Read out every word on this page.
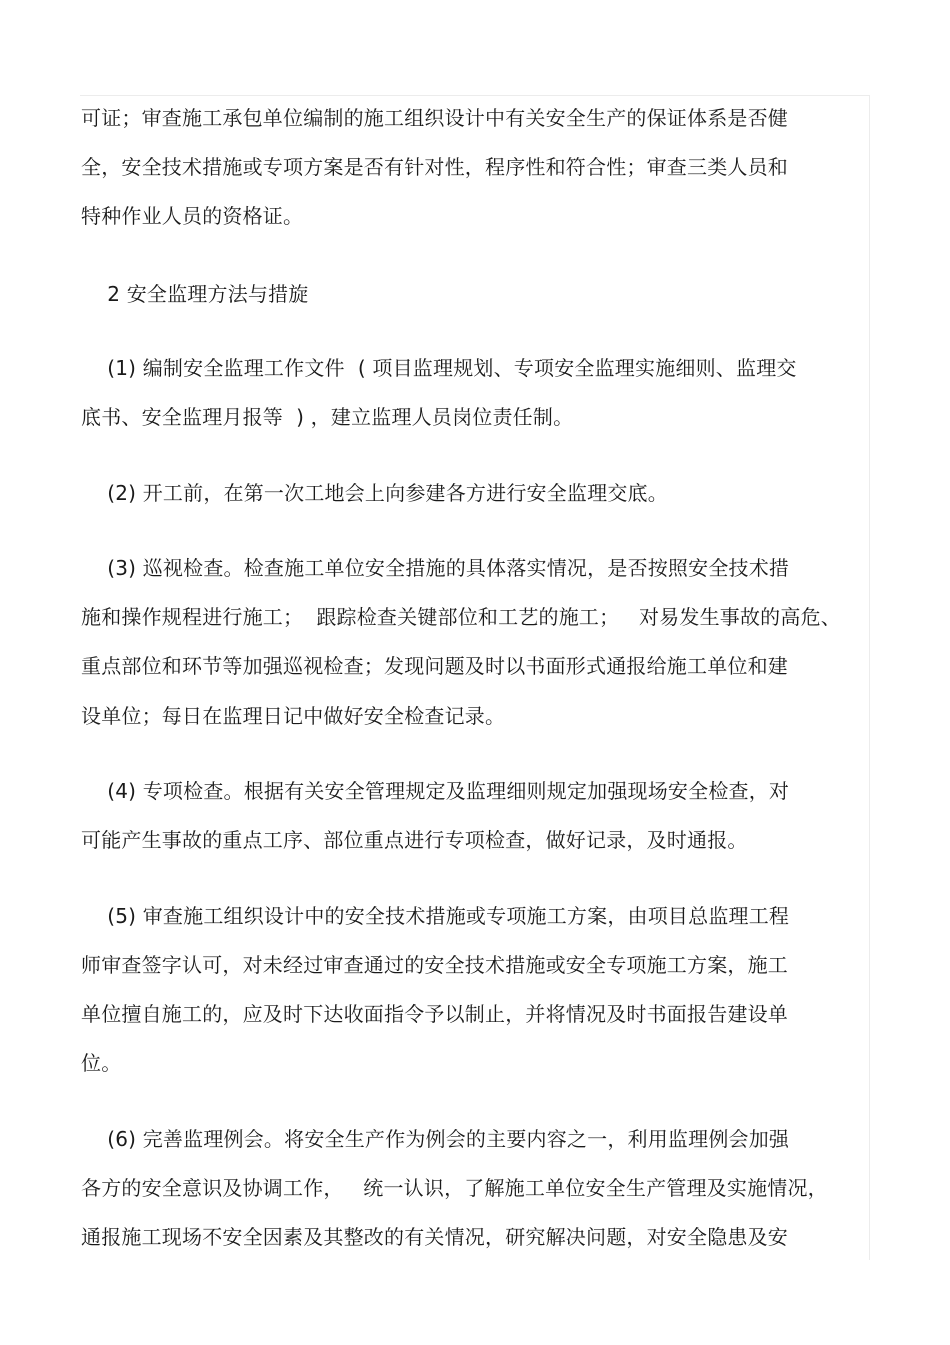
可证；审查施工承包单位编制的施工组织设计中有关安全生产的保证体系是否健
全，安全技术措施或专项方案是否有针对性，程序性和符合性；审查三类人员和
特种作业人员的资格证。
2 安全监理方法与措旋
(1) 编制安全监理工作文件  ( 项目监理规划、专项安全监理实施细则、监理交
底书、安全监理月报等  ) ，建立监理人员岗位责任制。
(2) 开工前，在第一次工地会上向参建各方进行安全监理交底。
(3) 巡视检查。检查施工单位安全措施的具体落实情况，是否按照安全技术措
施和操作规程进行施工；  跟踪检查关键部位和工艺的施工；   对易发生事故的高危、
重点部位和环节等加强巡视检查；发现问题及时以书面形式通报给施工单位和建
设单位；每日在监理日记中做好安全检查记录。
(4) 专项检查。根据有关安全管理规定及监理细则规定加强现场安全检查，对
可能产生事故的重点工序、部位重点进行专项检查，做好记录，及时通报。
(5) 审查施工组织设计中的安全技术措施或专项施工方案，由项目总监理工程
师审查签字认可，对未经过审查通过的安全技术措施或安全专项施工方案，施工
单位擅自施工的，应及时下达收面指令予以制止，并将情况及时书面报告建设单
位。
(6) 完善监理例会。将安全生产作为例会的主要内容之一，利用监理例会加强
各方的安全意识及协调工作，   统一认识，了解施工单位安全生产管理及实施情况，
通报施工现场不安全因素及其整改的有关情况，研究解决问题，对安全隐患及安
